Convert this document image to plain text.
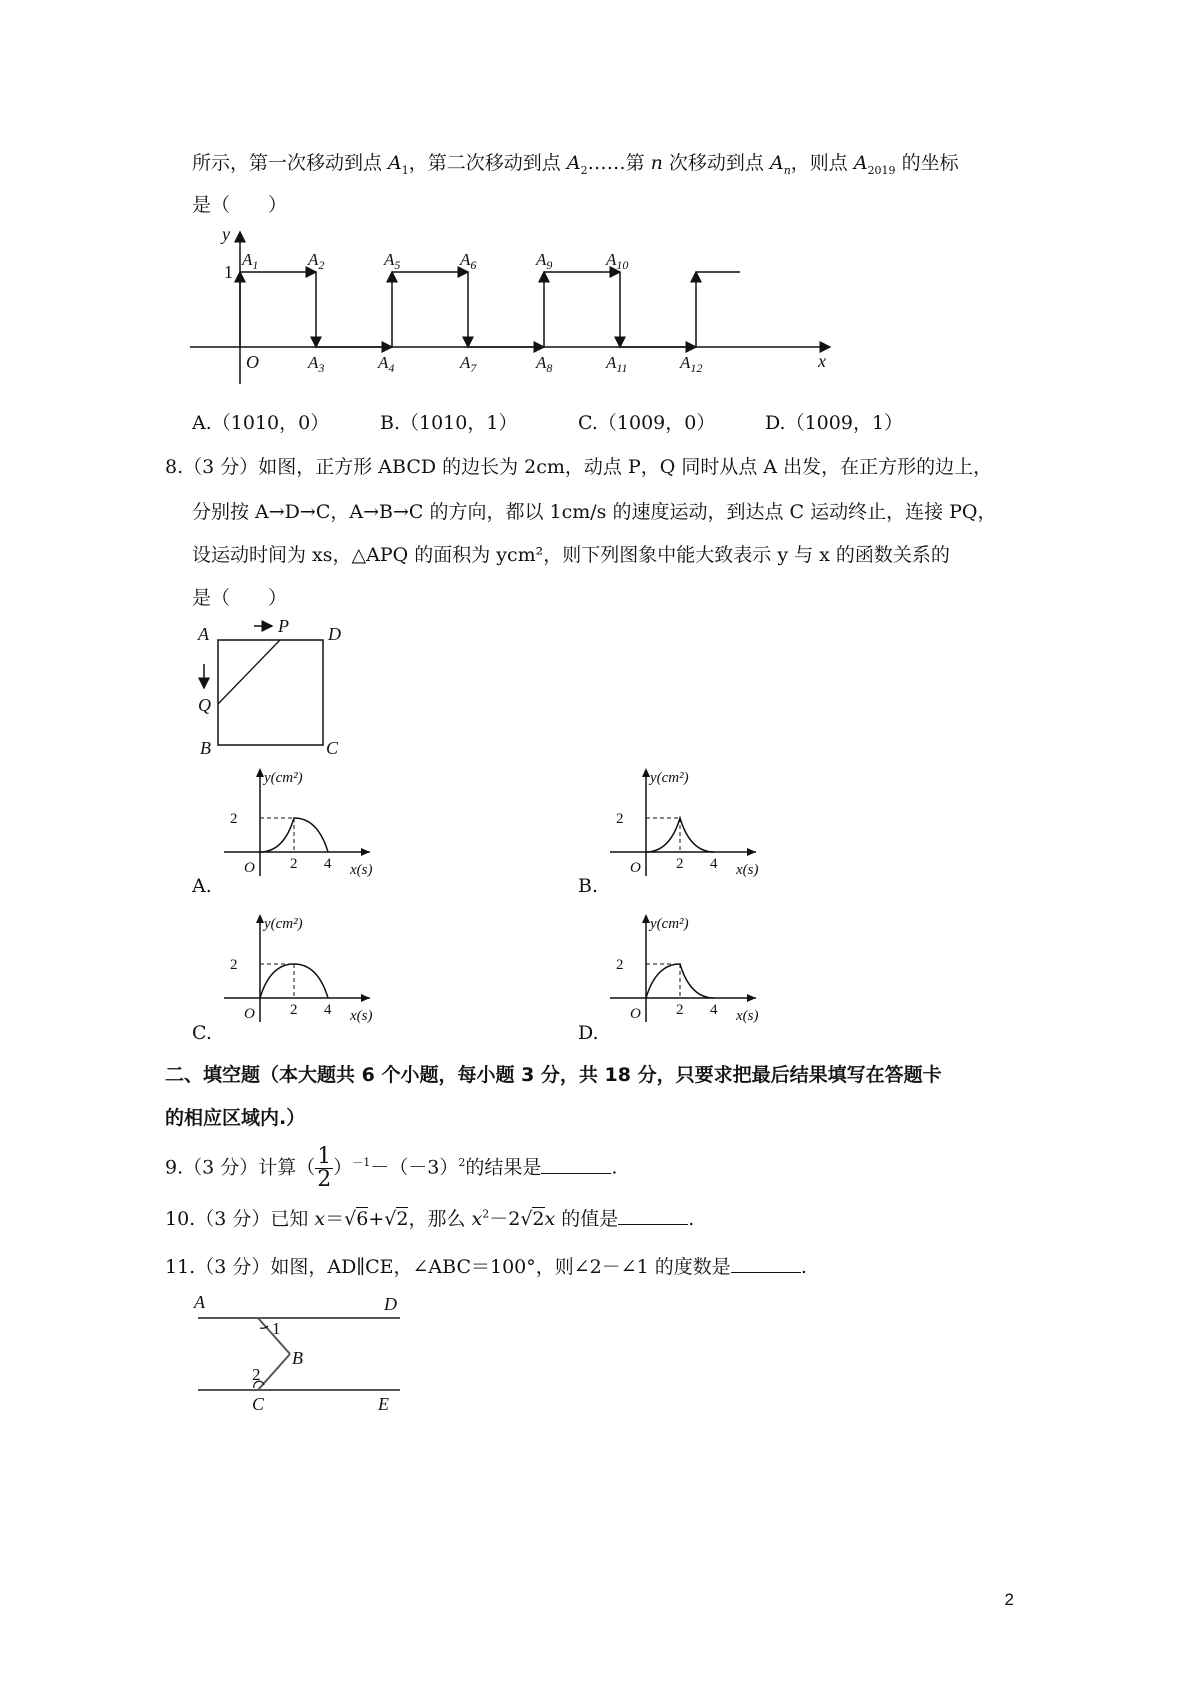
所示，第一次移动到点 $A_1$，第二次移动到点 $A_2\dots\dots$第 n 次移动到点 $A_n$，则点 $A_{2019}$ 的坐标
是（　　）
y
x
1
O
$A_1$	$A_2$
$A_3$	$A_4$
$A_5$	$A_6$
$A_7$	$A_8$
$A_9$	$A_{10}$
$A_{11}$	$A_{12}$
A.（1010，0）	B.（1010，1）	C.（1009，0）	D.（1009，1）
8.（3 分）如图，正方形 ABCD 的边长为 2cm，动点 P，Q 同时从点 A 出发，在正方形的边上，
分别按 A→D→C，A→B→C 的方向，都以 1cm/s 的速度运动，到达点 C 运动终止，连接 PQ，
设运动时间为 xs，△APQ 的面积为 ycm²，则下列图象中能大致表示 y 与 x 的函数关系的
是（　　）
A	P D
Q
B	C
y(cm²)
x(s)
O
2
2 4
y(cm²)
x(s)
O
2
2 4
y(cm²)
x(s)
O
2
2 4
y(cm²)
x(s)
O
2
2 4
A.	B.
C.	D.
二、填空题（本大题共 6 个小题，每小题 3 分，共 18 分，只要求把最后结果填写在答题卡
的相应区域内.）
9.（3 分）计算（ $\frac{1}{2} )^{-1}-(-3)^2$的结果是	.
10.（3 分）已知 x＝√6+√2，那么 $x^2-2√2x$ 的值是	.
11.（3 分）如图，AD∥CE，∠ABC＝100°，则∠2－∠1 的度数是	.
A	D
1
B
2
C	E
2
